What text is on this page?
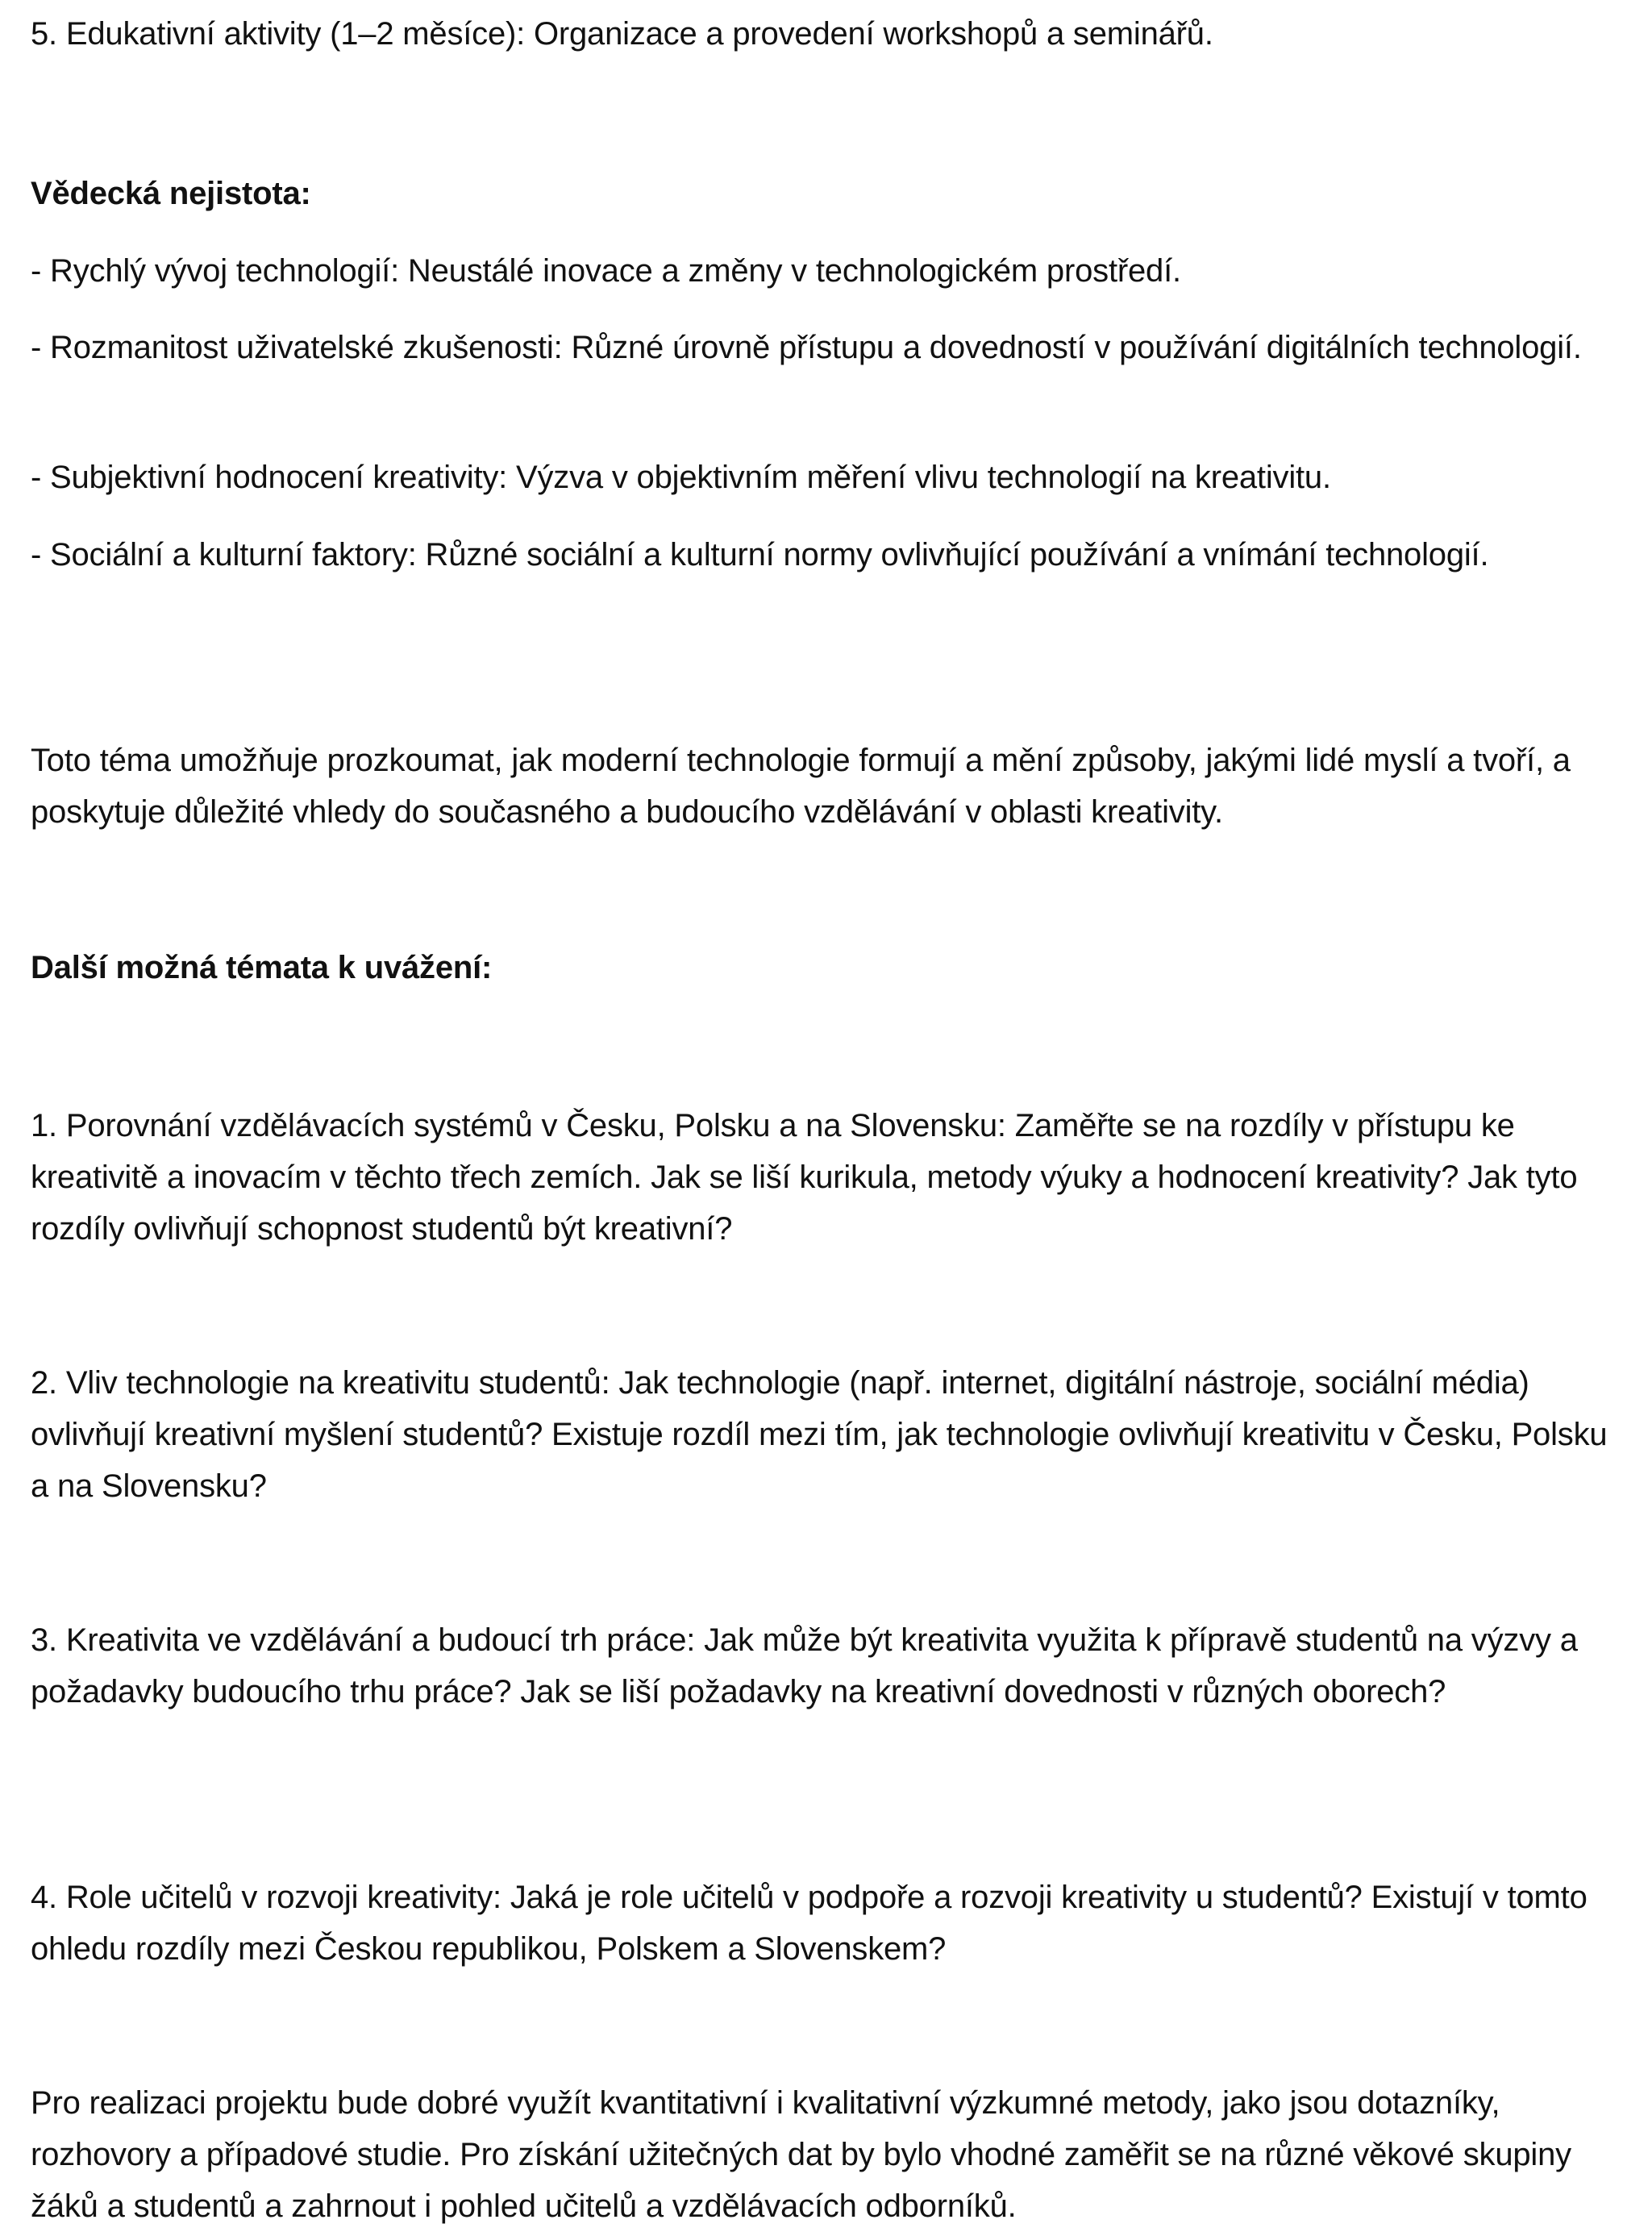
5. Edukativní aktivity (1–2 měsíce): Organizace a provedení workshopů a seminářů.

Vědecká nejistota:

- Rychlý vývoj technologií: Neustálé inovace a změny v technologickém prostředí.

- Rozmanitost uživatelské zkušenosti: Různé úrovně přístupu a dovedností v používání digitálních technologií.

- Subjektivní hodnocení kreativity: Výzva v objektivním měření vlivu technologií na kreativitu.

- Sociální a kulturní faktory: Různé sociální a kulturní normy ovlivňující používání a vnímání technologií.

Toto téma umožňuje prozkoumat, jak moderní technologie formují a mění způsoby, jakými lidé myslí a tvoří, a poskytuje důležité vhledy do současného a budoucího vzdělávání v oblasti kreativity.

Další možná témata k uvážení:

1. Porovnání vzdělávacích systémů v Česku, Polsku a na Slovensku: Zaměřte se na rozdíly v přístupu ke kreativitě a inovacím v těchto třech zemích. Jak se liší kurikula, metody výuky a hodnocení kreativity? Jak tyto rozdíly ovlivňují schopnost studentů být kreativní?

2. Vliv technologie na kreativitu studentů: Jak technologie (např. internet, digitální nástroje, sociální média) ovlivňují kreativní myšlení studentů? Existuje rozdíl mezi tím, jak technologie ovlivňují kreativitu v Česku, Polsku a na Slovensku?

3. Kreativita ve vzdělávání a budoucí trh práce: Jak může být kreativita využita k přípravě studentů na výzvy a požadavky budoucího trhu práce? Jak se liší požadavky na kreativní dovednosti v různých oborech?

4. Role učitelů v rozvoji kreativity: Jaká je role učitelů v podpoře a rozvoji kreativity u studentů? Existují v tomto ohledu rozdíly mezi Českou republikou, Polskem a Slovenskem?

Pro realizaci projektu bude dobré využít kvantitativní i kvalitativní výzkumné metody, jako jsou dotazníky, rozhovory a případové studie. Pro získání užitečných dat by bylo vhodné zaměřit se na různé věkové skupiny žáků a studentů a zahrnout i pohled učitelů a vzdělávacích odborníků.
